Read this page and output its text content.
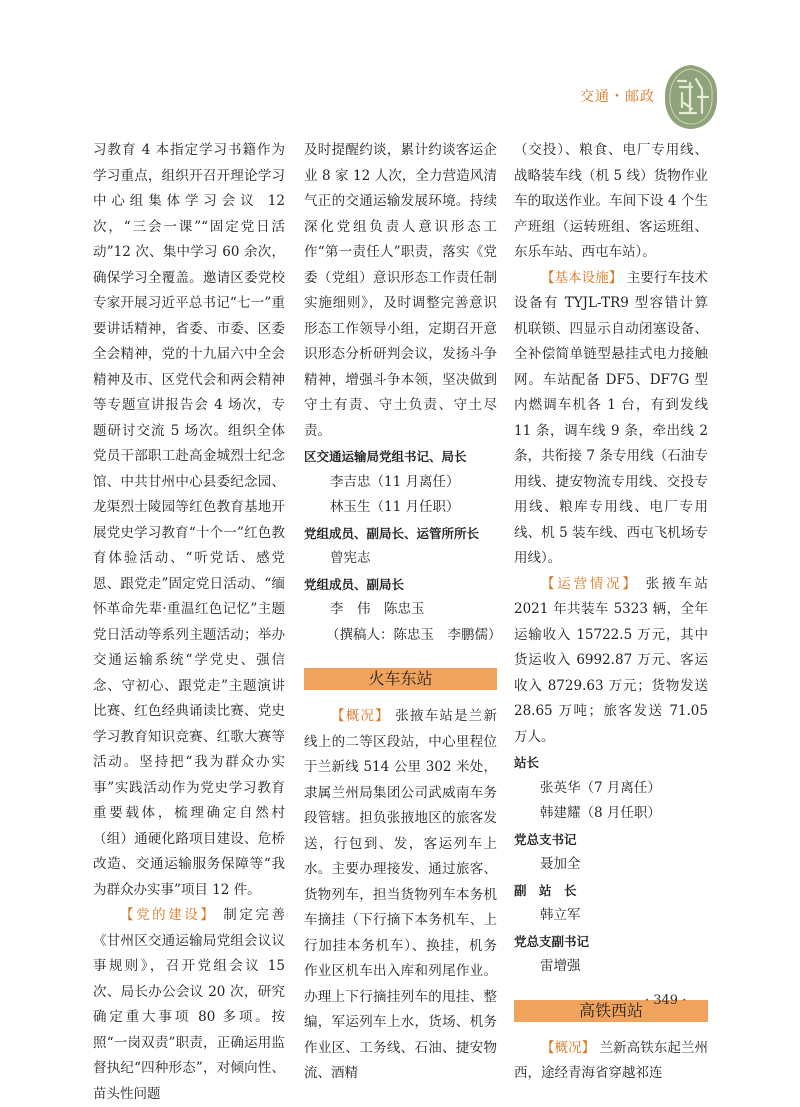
交通・邮政

习教育 4 本指定学习书籍作为学习重点，组织开召开理论学习中心组集体学习会议 12 次，“三会一课”“固定党日活动”12 次、集中学习 60 余次，确保学习全覆盖。邀请区委党校专家开展习近平总书记“七一”重要讲话精神，省委、市委、区委全会精神，党的十九届六中全会精神及市、区党代会和两会精神等专题宣讲报告会 4 场次，专题研讨交流 5 场次。组织全体党员干部职工赴高金城烈士纪念馆、中共甘州中心县委纪念园、龙渠烈士陵园等红色教育基地开展党史学习教育“十个一”红色教育体验活动、“听党话、感党恩、跟党走”固定党日活动、“缅怀革命先辈·重温红色记忆”主题党日活动等系列主题活动；举办交通运输系统“学党史、强信念、守初心、跟党走”主题演讲比赛、红色经典诵读比赛、党史学习教育知识竞赛、红歌大赛等活动。坚持把“我为群众办实事”实践活动作为党史学习教育重要载体，梳理确定自然村（组）通硬化路项目建设、危桥改造、交通运输服务保障等“我为群众办实事”项目 12 件。

【党的建设】 制定完善《甘州区交通运输局党组会议议事规则》，召开党组会议 15 次、局长办公会议 20 次，研究确定重大事项 80 多项。按照“一岗双责”职责，正确运用监督执纪“四种形态”，对倾向性、苗头性问题

及时提醒约谈，累计约谈客运企业 8 家 12 人次，全力营造风清气正的交通运输发展环境。持续深化党组负责人意识形态工作“第一责任人”职责，落实《党委（党组）意识形态工作责任制实施细则》，及时调整完善意识形态工作领导小组，定期召开意识形态分析研判会议，发扬斗争精神，增强斗争本领，坚决做到守土有责、守土负责、守土尽责。

区交通运输局党组书记、局长

李吉忠（11 月离任）

林玉生（11 月任职）

党组成员、副局长、运管所所长

曾宪志

党组成员、副局长

李　伟　陈忠玉

（撰稿人：陈忠玉　李鹏儒）

火车东站

【概况】 张掖车站是兰新线上的二等区段站，中心里程位于兰新线 514 公里 302 米处，隶属兰州局集团公司武威南车务段管辖。担负张掖地区的旅客发送，行包到、发，客运列车上水。主要办理接发、通过旅客、货物列车，担当货物列车本务机车摘挂（下行摘下本务机车、上行加挂本务机车）、换挂，机务作业区机车出入库和列尾作业。办理上下行摘挂列车的甩挂、整编，军运列车上水，货场、机务作业区、工务线、石油、捷安物流、酒精

（交投）、粮食、电厂专用线、战略装车线（机 5 线）货物作业车的取送作业。车间下设 4 个生产班组（运转班组、客运班组、东乐车站、西屯车站）。

【基本设施】 主要行车技术设备有 TYJL-TR9 型容错计算机联锁、四显示自动闭塞设备、全补偿简单链型悬挂式电力接触网。车站配备 DF5、DF7G 型内燃调车机各 1 台，有到发线 11 条，调车线 9 条，牵出线 2 条，共衔接 7 条专用线（石油专用线、捷安物流专用线、交投专用线、粮库专用线、电厂专用线、机 5 装车线、西屯飞机场专用线）。

【运营情况】 张掖车站 2021 年共装车 5323 辆，全年运输收入 15722.5 万元，其中货运收入 6992.87 万元、客运收入 8729.63 万元；货物发送 28.65 万吨；旅客发送 71.05 万人。

站长

张英华（7 月离任）

韩建耀（8 月任职）

党总支书记

聂加全

副　站　长

韩立军

党总支副书记

雷增强

高铁西站

【概况】 兰新高铁东起兰州西，途经青海省穿越祁连

· 349 ·
